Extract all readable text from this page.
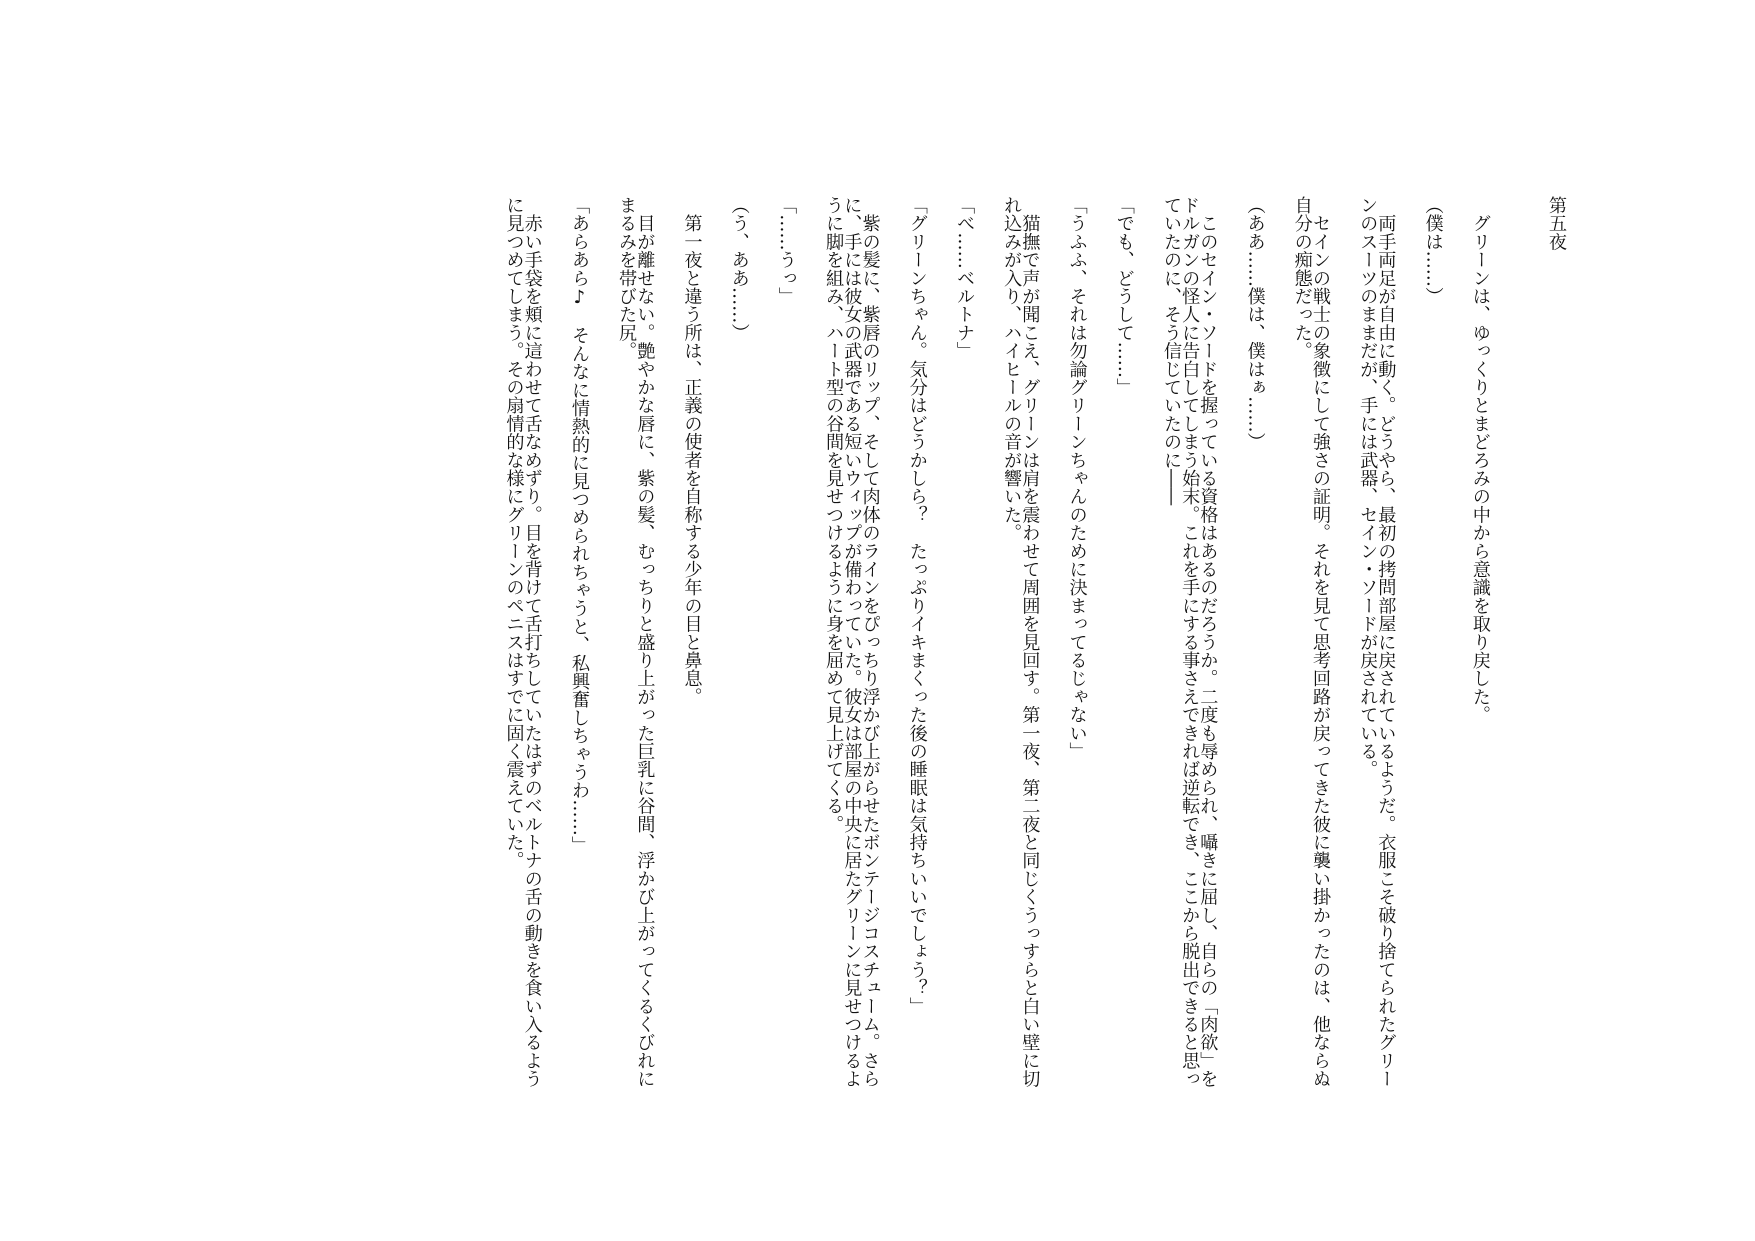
第五夜

　グリーンは、ゆっくりとまどろみの中から意識を取り戻した。

（僕は……）

　両手両足が自由に動く。どうやら、最初の拷問部屋に戻されているようだ。衣服こそ破り捨てられたグリーンのスーツのままだが、手には武器、セイン・ソードが戻されている。

　セインの戦士の象徴にして強さの証明。それを見て思考回路が戻ってきた彼に襲い掛かったのは、他ならぬ自分の痴態だった。

（ああ……僕は、僕はぁ……）

　このセイン・ソードを握っている資格はあるのだろうか。二度も辱められ、囁きに屈し、自らの「肉欲」をドルガンの怪人に告白してしまう始末。これを手にする事さえできれば逆転でき、ここから脱出できると思っていたのに、そう信じていたのに――

「でも、どうして……」

「うふふ、それは勿論グリーンちゃんのために決まってるじゃない」

　猫撫で声が聞こえ、グリーンは肩を震わせて周囲を見回す。第一夜、第二夜と同じくうっすらと白い壁に切れ込みが入り、ハイヒールの音が響いた。

「べ……ベルトナ」

「グリーンちゃん。気分はどうかしら？　たっぷりイキまくった後の睡眠は気持ちいいでしょう？」

　紫の髪に、紫唇のリップ、そして肉体のラインをぴっちり浮かび上がらせたボンテージコスチューム。さらに、手には彼女の武器である短いウィップが備わっていた。彼女は部屋の中央に居たグリーンに見せつけるように脚を組み、ハート型の谷間を見せつけるように身を屈めて見上げてくる。

「……うっ」

（う、ああ……）

　第一夜と違う所は、正義の使者を自称する少年の目と鼻息。

　目が離せない。艶やかな唇に、紫の髪、むっちりと盛り上がった巨乳に谷間、浮かび上がってくるくびれにまるみを帯びた尻。

「あらあら♪　そんなに情熱的に見つめられちゃうと、私興奮しちゃうわ……」

　赤い手袋を頬に這わせて舌なめずり。目を背けて舌打ちしていたはずのベルトナの舌の動きを食い入るように見つめてしまう。その扇情的な様にグリーンのペニスはすでに固く震えていた。
